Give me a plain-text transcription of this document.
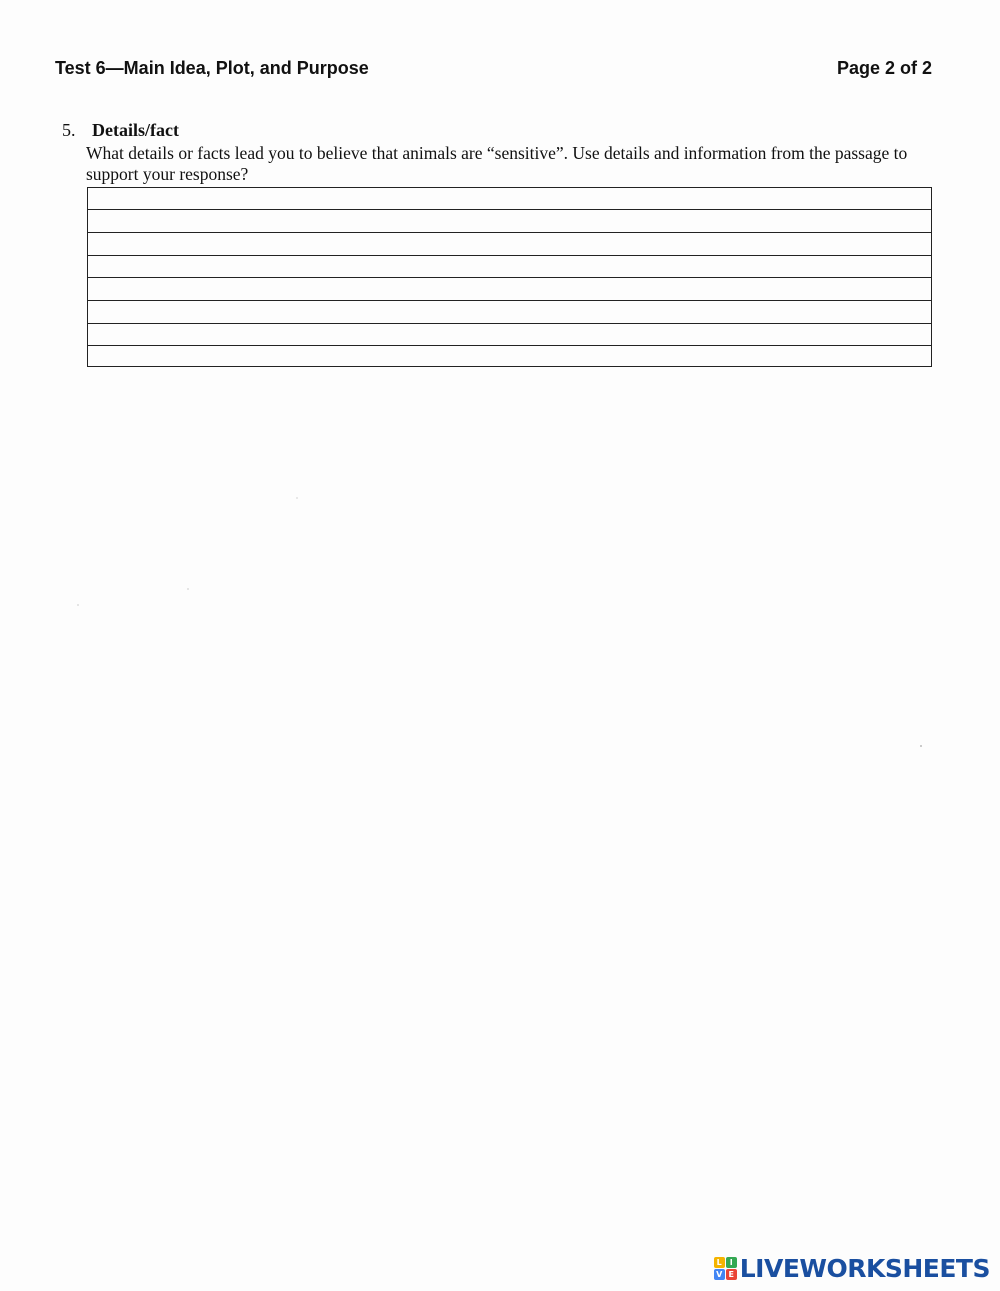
Test 6—Main Idea, Plot, and Purpose	Page 2 of 2
5. Details/fact
What details or facts lead you to believe that animals are “sensitive”. Use details and information from the passage to support your response?
L I
V E LIVEWORKSHEETS
